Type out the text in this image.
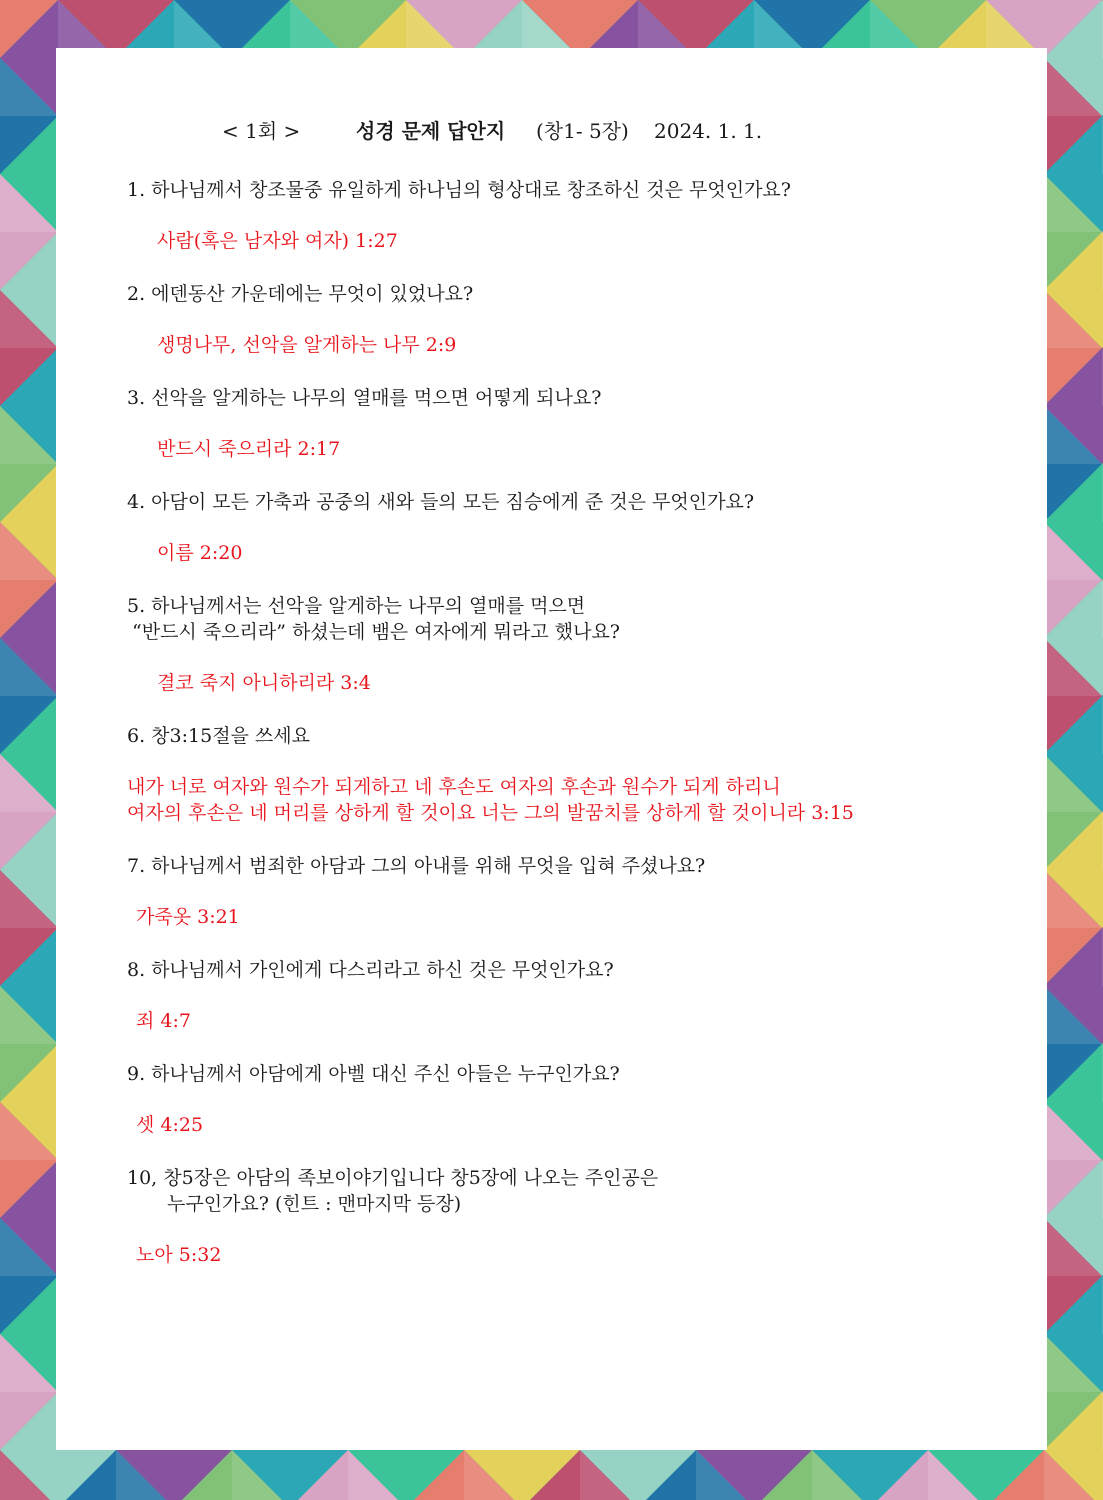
< 1회 >	성경 문제 답안지 (창1- 5장) 2024. 1. 1.
1. 하나님께서 창조물중 유일하게 하나님의 형상대로 창조하신 것은 무엇인가요?
사람(혹은 남자와 여자) 1:27
2. 에덴동산 가운데에는 무엇이 있었나요?
생명나무, 선악을 알게하는 나무 2:9
3. 선악을 알게하는 나무의 열매를 먹으면 어떻게 되나요?
반드시 죽으리라 2:17
4. 아담이 모든 가축과 공중의 새와 들의 모든 짐승에게 준 것은 무엇인가요?
이름 2:20
5. 하나님께서는 선악을 알게하는 나무의 열매를 먹으면
“반드시 죽으리라” 하셨는데 뱀은 여자에게 뭐라고 했나요?
결코 죽지 아니하리라 3:4
6. 창3:15절을 쓰세요
내가 너로 여자와 원수가 되게하고 네 후손도 여자의 후손과 원수가 되게 하리니
여자의 후손은 네 머리를 상하게 할 것이요 너는 그의 발꿈치를 상하게 할 것이니라 3:15
7. 하나님께서 범죄한 아담과 그의 아내를 위해 무엇을 입혀 주셨나요?
가죽옷 3:21
8. 하나님께서 가인에게 다스리라고 하신 것은 무엇인가요?
죄 4:7
9. 하나님께서 아담에게 아벨 대신 주신 아들은 누구인가요?
셋 4:25
10, 창5장은 아담의 족보이야기입니다 창5장에 나오는 주인공은
누구인가요? (힌트 : 맨마지막 등장)
노아 5:32
